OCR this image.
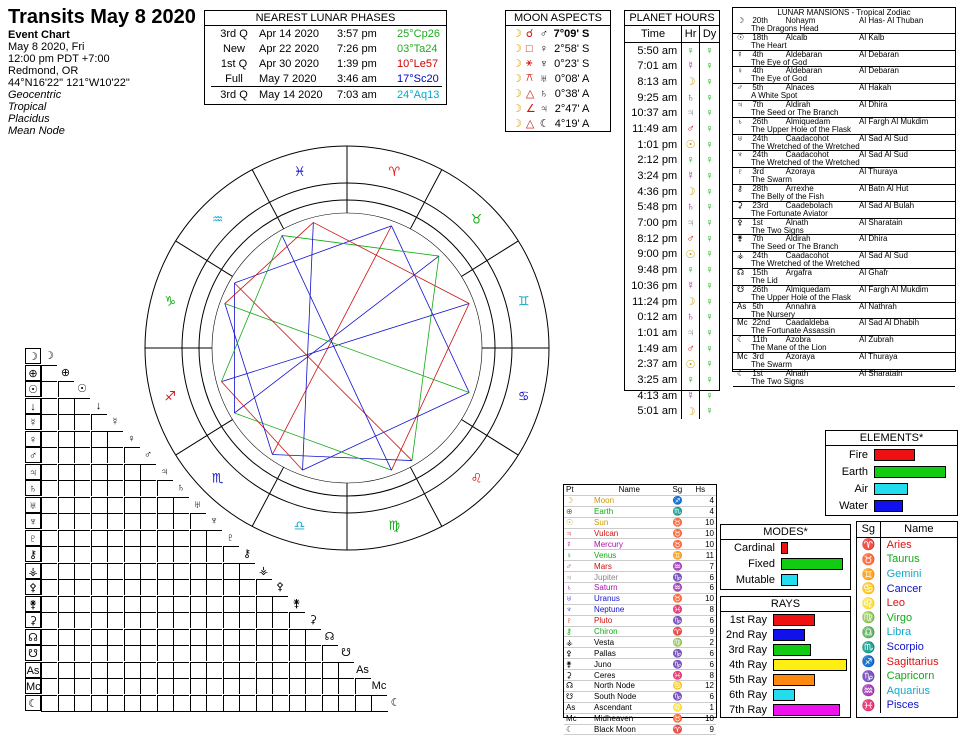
Transits May 8 2020
Event Chart
May 8 2020, Fri
12:00 pm PDT +7:00
Redmond, OR
44°N16'22" 121°W10'22"
Geocentric
Tropical
Placidus
Mean Node
NEAREST LUNAR PHASES
3rd Q	Apr 14 2020	3:57 pm	25°Cp26
New	Apr 22 2020	7:26 pm	03°Ta24
1st Q	Apr 30 2020	1:39 pm	10°Le57
Full	May 7 2020	3:46 am	17°Sc20
3rd Q	May 14 2020	7:03 am	24°Aq13
MOON ASPECTS
☽	☌	♂	7°09' S
☽	□	♀	2°58' S
☽	⚹	♆	0°23' S
☽	⚻	♅	0°08' A
☽	△	♄	0°38' A
☽	∠	♃	2°47' A
☽	△	☾	4°19' A
PLANET HOURS
Time	Hr	Dy
5:50 am	♀	♀
7:01 am	☿	♀
8:13 am	☽	♀
9:25 am	♄	♀
10:37 am	♃	♀
11:49 am	♂	♀
1:01 pm	☉	♀
2:12 pm	♀	♀
3:24 pm	☿	♀
4:36 pm	☽	♀
5:48 pm	♄	♀
7:00 pm	♃	♀
8:12 pm	♂	♀
9:00 pm	☉	♀
9:48 pm	♀	♀
10:36 pm	☿	♀
11:24 pm	☽	♀
0:12 am	♄	♀
1:01 am	♃	♀
1:49 am	♂	♀
2:37 am	☉	♀
3:25 am	♀	♀
4:13 am	☿	♀
5:01 am	☽	♀
LUNAR MANSIONS - Tropical Zodiac
☽	20th	Nohaym	Al Has- Al Thuban
The Dragons Head
☉	18th	Alcalb	Al Kalb
The Heart
☿	4th	Aldebaran	Al Debaran
The Eye of God
♀	4th	Aldebaran	Al Debaran
The Eye of God
♂	5th	Alnaces	Al Hakah
A White Spot
♃	7th	Aldirah	Al Dhira
The Seed or The Branch
♄	26th	Almiquedam	Al Fargh Al Mukdim
The Upper Hole of the Flask
♅	24th	Caadacohot	Al Sad Al Sud
The Wretched of the Wretched
♆	24th	Caadacohot	Al Sad Al Sud
The Wretched of the Wretched
♇	3rd	Azoraya	Al Thuraya
The Swarm
⚷	28th	Arrexhe	Al Batn Al Hut
The Belly of the Fish
⚳	23rd	Caadebolach	Al Sad Al Bulah
The Fortunate Aviator
⚴	1st	Alnath	Al Sharatain
The Two Signs
⚵	7th	Aldirah	Al Dhira
The Seed or The Branch
⚶	24th	Caadacohot	Al Sad Al Sud
The Wretched of the Wretched
☊	15th	Argafra	Al Ghafr
The Lid
☋	26th	Almiquedam	Al Fargh Al Mukdim
The Upper Hole of the Flask
As 5th	Annahra	Al Nathrah
The Nursery
Mc 22nd	Caadaldeba	Al Sad Al Dhabih
The Fortunate Assassin
☾	11th	Azobra	Al Zubrah
The Mane of the Lion
Mc 3rd	Azoraya	Al Thuraya
The Swarm
☾	1st	Alnath	Al Sharatain
The Two Signs
ELEMENTS*
Fire
Earth
Air
Water
MODES*
Cardinal
Fixed
Mutable
RAYS
1st Ray
2nd Ray
3rd Ray
4th Ray
5th Ray
6th Ray
7th Ray
Sg	Name
♈	Aries
♉	Taurus
♊	Gemini
♋	Cancer
♌	Leo
♍	Virgo
♎	Libra
♏	Scorpio
♐	Sagittarius
♑	Capricorn
♒	Aquarius
♓	Pisces
Pt	Name	Sg	Hs
☽	Moon	♐	4
⊕	Earth	♏	4
☉	Sun	♉	10
♃	Vulcan	♉	10
☿	Mercury	♉	10
♀	Venus	♊	11
♂	Mars	♒	7
♃	Jupiter	♑	6
♄	Saturn	♒	6
♅	Uranus	♉	10
♆	Neptune	♓	8
♇	Pluto	♑	6
⚷	Chiron	♈	9
⚶	Vesta	♍	2
⚴	Pallas	♑	6
⚵	Juno	♑	6
⚳	Ceres	♓	8
☊	North Node	♋	12
☋	South Node	♑	6
As	Ascendant	♌	1
Mc	Midheaven	♉	10
☾	Black Moon	♈	9
☽ ☽
⊕	⊕
☉	☉
↓	↓
☿	☿
♀	♀
♂	♂
♃	♃
♄	♄
♅	♅
♆	♆
♇	♇
⚷	⚷
⚶	⚶
⚴	⚴
⚵	⚵
⚳	⚳
☊	☊
☋	☋
As	As
Mc	Mc
☾	☾
♈
♉
♊
♋
♌
♍
♎
♏
♐
♑
♒
♓
